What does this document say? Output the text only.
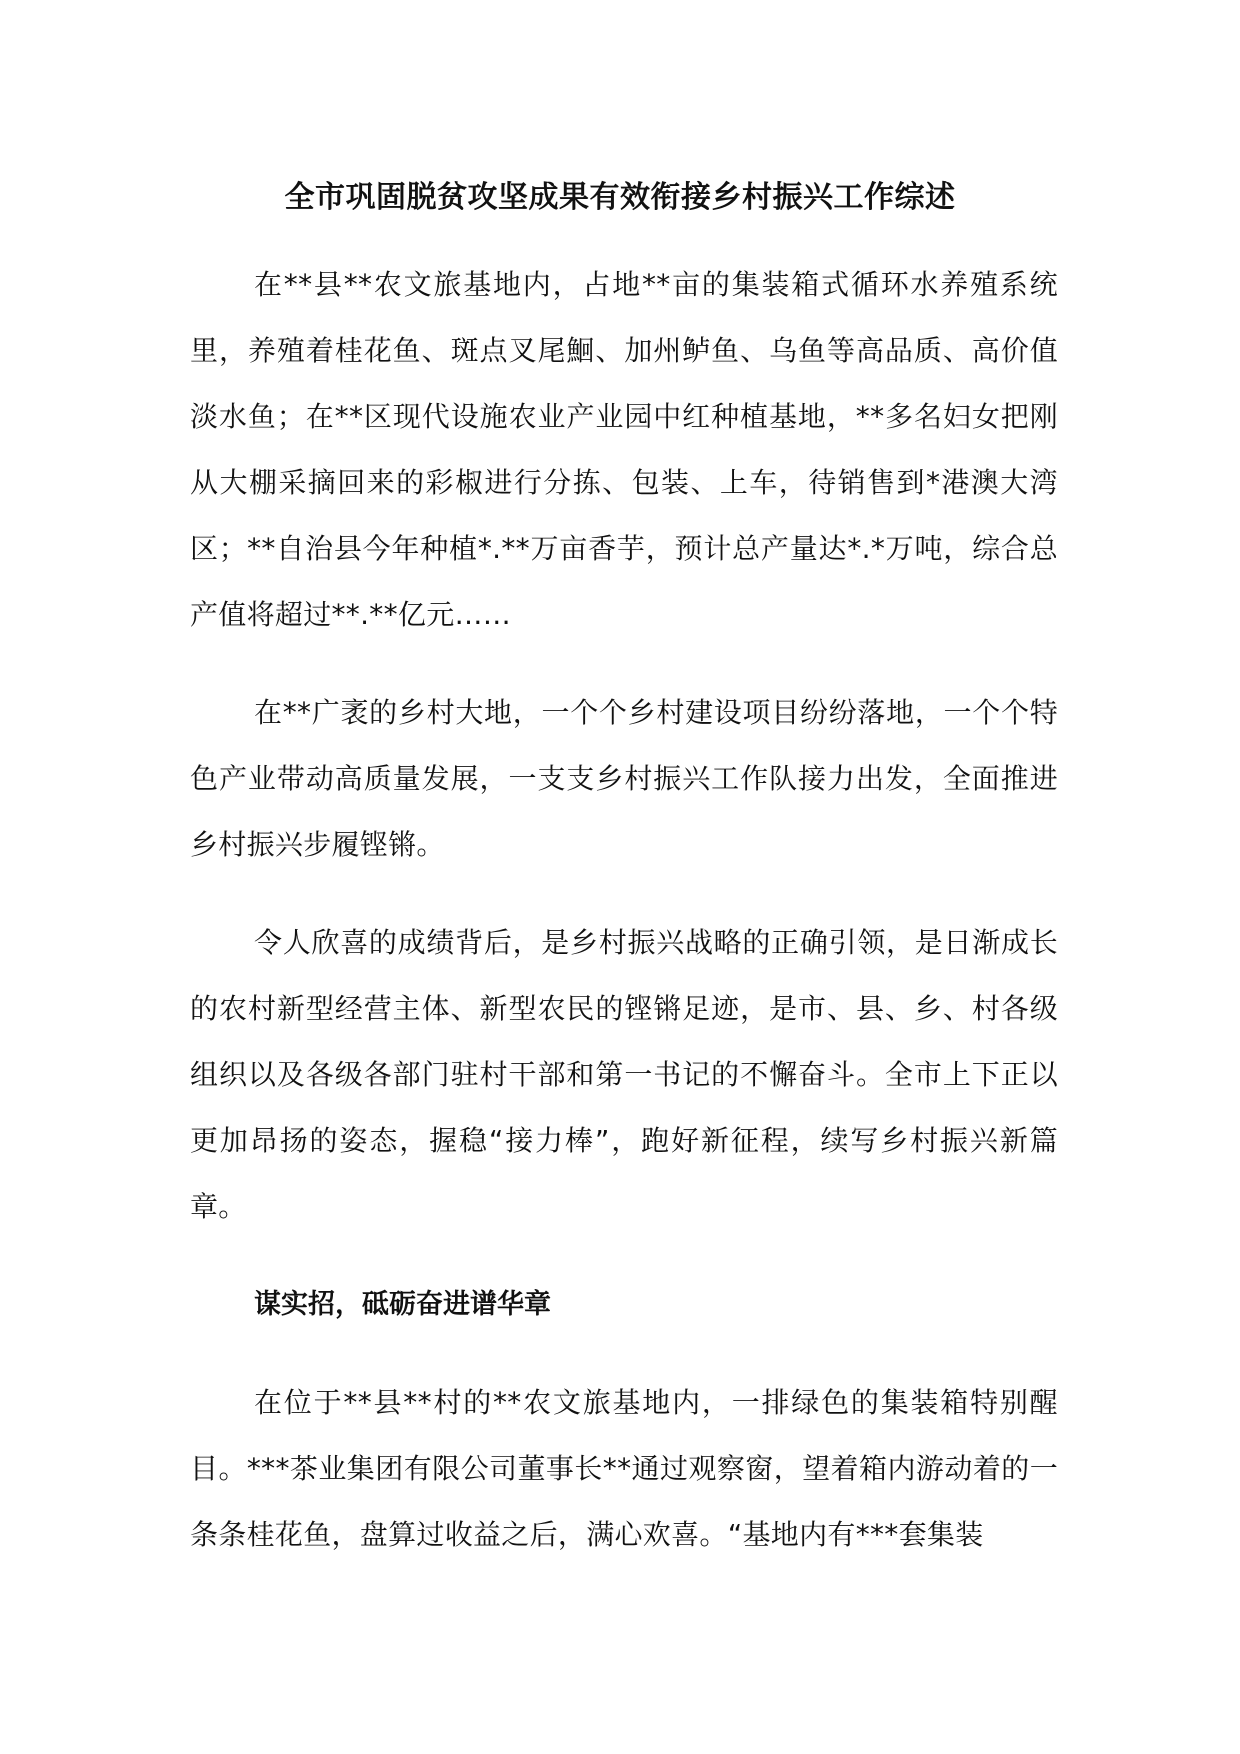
全市巩固脱贫攻坚成果有效衔接乡村振兴工作综述

在**县**农文旅基地内，占地**亩的集装箱式循环水养殖系统里，养殖着桂花鱼、斑点叉尾鮰、加州鲈鱼、乌鱼等高品质、高价值淡水鱼；在**区现代设施农业产业园中红种植基地，**多名妇女把刚从大棚采摘回来的彩椒进行分拣、包装、上车，待销售到*港澳大湾区；**自治县今年种植*.**万亩香芋，预计总产量达*.*万吨，综合总产值将超过**.**亿元……

在**广袤的乡村大地，一个个乡村建设项目纷纷落地，一个个特色产业带动高质量发展，一支支乡村振兴工作队接力出发，全面推进乡村振兴步履铿锵。

令人欣喜的成绩背后，是乡村振兴战略的正确引领，是日渐成长的农村新型经营主体、新型农民的铿锵足迹，是市、县、乡、村各级组织以及各级各部门驻村干部和第一书记的不懈奋斗。全市上下正以更加昂扬的姿态，握稳“接力棒”，跑好新征程，续写乡村振兴新篇章。

谋实招，砥砺奋进谱华章

在位于**县**村的**农文旅基地内，一排绿色的集装箱特别醒目。***茶业集团有限公司董事长**通过观察窗，望着箱内游动着的一条条桂花鱼，盘算过收益之后，满心欢喜。“基地内有***套集装
